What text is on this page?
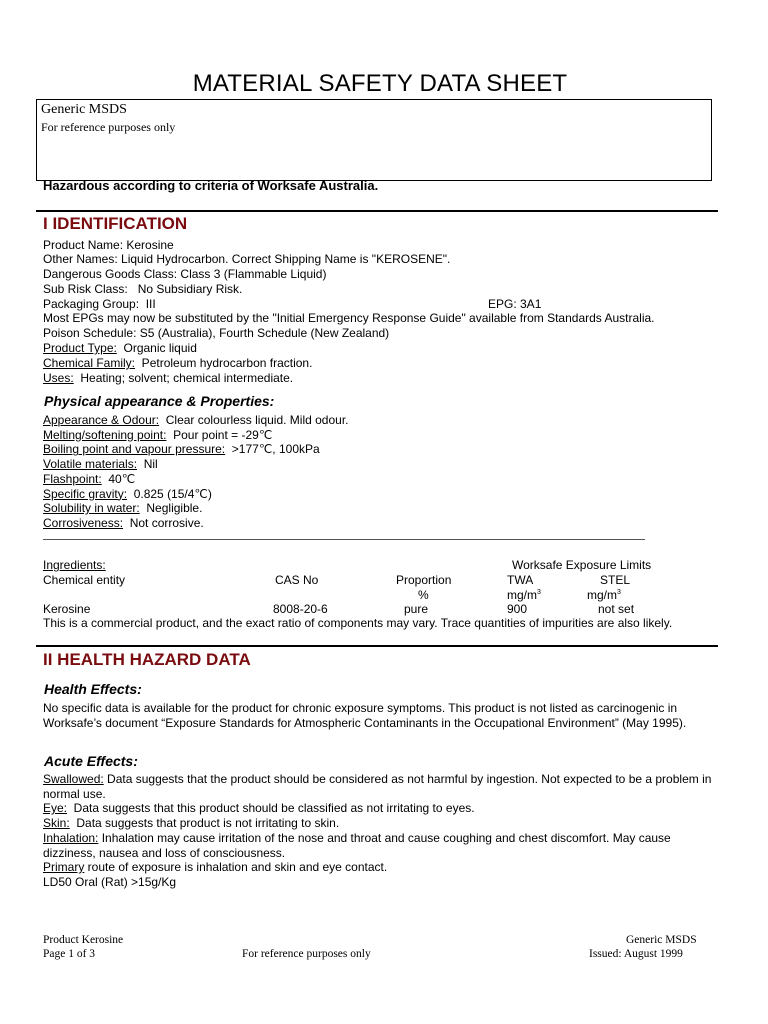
MATERIAL SAFETY DATA SHEET
Generic MSDS
For reference purposes only
Hazardous according to criteria of Worksafe Australia.
I IDENTIFICATION
Product Name: Kerosine
Other Names: Liquid Hydrocarbon. Correct Shipping Name is "KEROSENE".
Dangerous Goods Class: Class 3 (Flammable Liquid)
Sub Risk Class:   No Subsidiary Risk.
Packaging Group:  III	EPG: 3A1
Most EPGs may now be substituted by the "Initial Emergency Response Guide" available from Standards Australia.
Poison Schedule: S5 (Australia), Fourth Schedule (New Zealand)
Product Type:  Organic liquid
Chemical Family:  Petroleum hydrocarbon fraction.
Uses:  Heating; solvent; chemical intermediate.
Physical appearance & Properties:
Appearance & Odour:  Clear colourless liquid. Mild odour.
Melting/softening point:  Pour point = -29℃
Boiling point and vapour pressure:  >177℃, 100kPa
Volatile materials:  Nil
Flashpoint:  40℃
Specific gravity:  0.825 (15/4℃)
Solubility in water:  Negligible.
Corrosiveness:  Not corrosive.
Ingredients:	Worksafe Exposure Limits
Chemical entity	CAS No	Proportion	TWA	STEL
%	$mg/m^3$	$mg/m^3$
Kerosine	8008-20-6	pure	900	not set
This is a commercial product, and the exact ratio of components may vary. Trace quantities of impurities are also likely.
II HEALTH HAZARD DATA
Health Effects:
No specific data is available for the product for chronic exposure symptoms. This product is not listed as carcinogenic in Worksafe’s document “Exposure Standards for Atmospheric Contaminants in the Occupational Environment” (May 1995).
Acute Effects:
Swallowed: Data suggests that the product should be considered as not harmful by ingestion. Not expected to be a problem in normal use.
Eye:  Data suggests that this product should be classified as not irritating to eyes.
Skin:  Data suggests that product is not irritating to skin.
Inhalation: Inhalation may cause irritation of the nose and throat and cause coughing and chest discomfort. May cause dizziness, nausea and loss of consciousness.
Primary route of exposure is inhalation and skin and eye contact.
LD50 Oral (Rat) >15g/Kg
Product Kerosine
Page 1 of 3	For reference purposes only
Generic MSDS
Issued: August 1999
